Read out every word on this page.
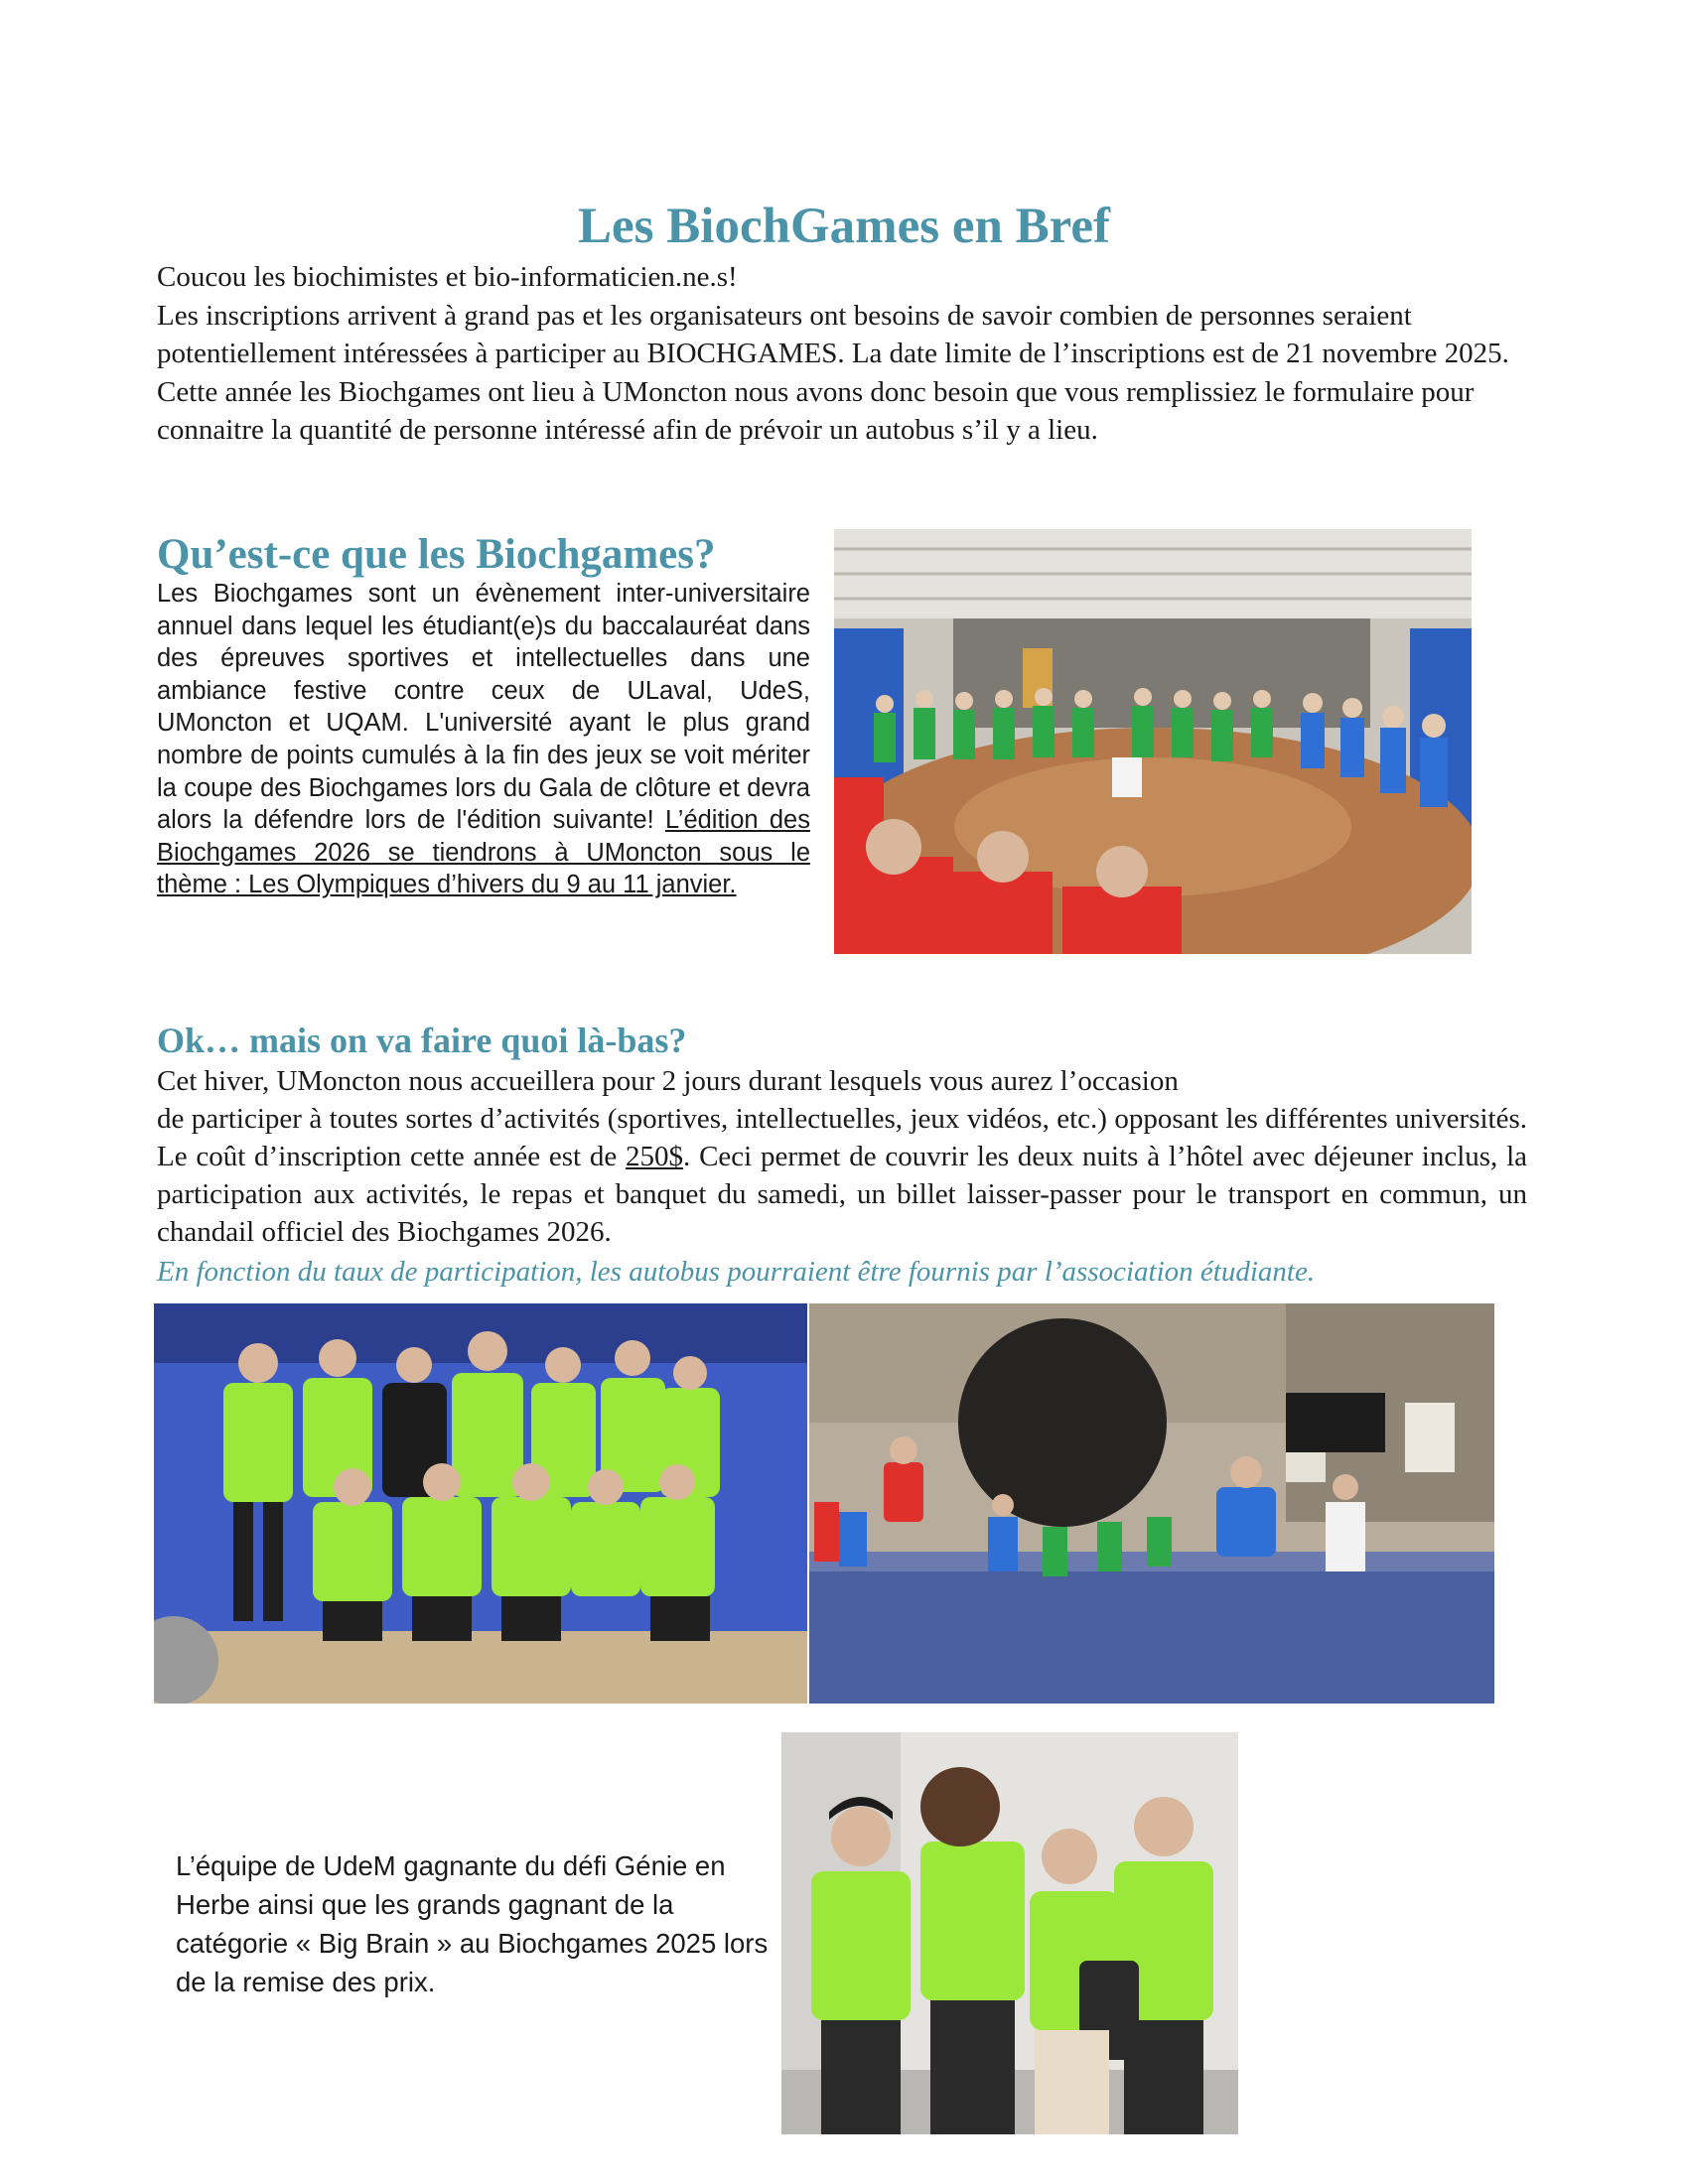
Les BiochGames en Bref
Coucou les biochimistes et bio-informaticien.ne.s!
Les inscriptions arrivent à grand pas et les organisateurs ont besoins de savoir combien de personnes seraient potentiellement intéressées à participer au BIOCHGAMES. La date limite de l’inscriptions est de 21 novembre 2025. Cette année les Biochgames ont lieu à UMoncton nous avons donc besoin que vous remplissiez le formulaire pour connaitre la quantité de personne intéressé afin de prévoir un autobus s’il y a lieu.
Qu’est-ce que les Biochgames?
Les Biochgames sont un évènement inter-universitaire annuel dans lequel les étudiant(e)s du baccalauréat dans des épreuves sportives et intellectuelles dans une ambiance festive contre ceux de ULaval, UdeS, UMoncton et UQAM. L'université ayant le plus grand nombre de points cumulés à la fin des jeux se voit mériter la coupe des Biochgames lors du Gala de clôture et devra alors la défendre lors de l'édition suivante! L’édition des Biochgames 2026 se tiendrons à UMoncton sous le thème : Les Olympiques d’hivers du 9 au 11 janvier.
Ok… mais on va faire quoi là-bas?
Cet hiver, UMoncton nous accueillera pour 2 jours durant lesquels vous aurez l’occasion
de participer à toutes sortes d’activités (sportives, intellectuelles, jeux vidéos, etc.) opposant les différentes universités. Le coût d’inscription cette année est de 250$. Ceci permet de couvrir les deux nuits à l’hôtel avec déjeuner inclus, la participation aux activités, le repas et banquet du samedi, un billet laisser-passer pour le transport en commun, un chandail officiel des Biochgames 2026.
En fonction du taux de participation, les autobus pourraient être fournis par l’association étudiante.
L’équipe de UdeM gagnante du défi Génie en Herbe ainsi que les grands gagnant de la catégorie « Big Brain » au Biochgames 2025 lors de la remise des prix.
